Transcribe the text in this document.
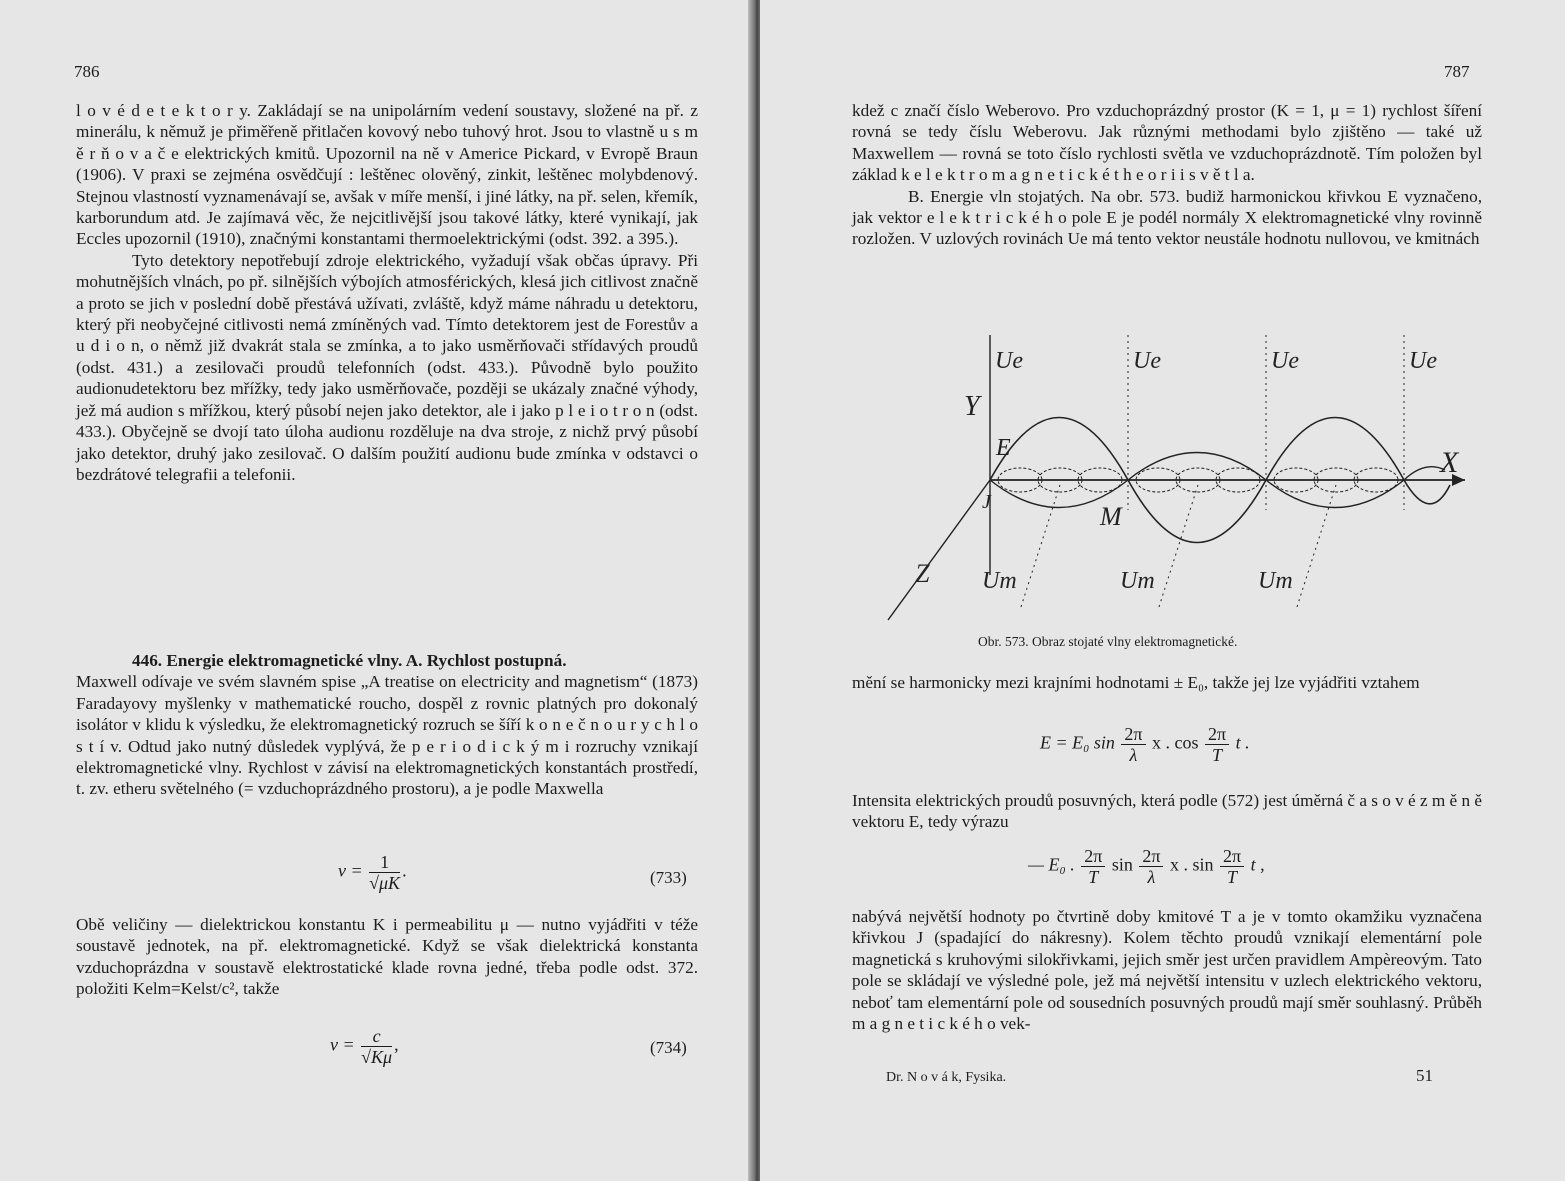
786

l o v é d e t e k t o r y. Zakládají se na unipolárním vedení soustavy, složené na př. z minerálu, k němuž je přiměřeně přitlačen kovový nebo tuhový hrot. Jsou to vlastně u s m ě r ň o v a č e elektrických kmitů. Upozornil na ně v Americe Pickard, v Evropě Braun (1906). V praxi se zejména osvědčují : leštěnec olověný, zinkit, leštěnec molybdenový. Stejnou vlastností vyznamenávají se, avšak v míře menší, i jiné látky, na př. selen, křemík, karborundum atd. Je zajímavá věc, že nejcitlivější jsou takové látky, které vynikají, jak Eccles upozornil (1910), značnými konstantami thermoelektrickými (odst. 392. a 395.).

Tyto detektory nepotřebují zdroje elektrického, vyžadují však občas úpravy. Při mohutnějších vlnách, po př. silnějších výbojích atmosférických, klesá jich citlivost značně a proto se jich v poslední době přestává užívati, zvláště, když máme náhradu u detektoru, který při neobyčejné citlivosti nemá zmíněných vad. Tímto detektorem jest de Forestův a u d i o n, o němž již dvakrát stala se zmínka, a to jako usměrňovači střídavých proudů (odst. 431.) a zesilovači proudů telefonních (odst. 433.). Původně bylo použito audionudetektoru bez mřížky, tedy jako usměrňovače, později se ukázaly značné výhody, jež má audion s mřížkou, který působí nejen jako detektor, ale i jako p l e i o t r o n (odst. 433.). Obyčejně se dvojí tato úloha audionu rozděluje na dva stroje, z nichž prvý působí jako detektor, druhý jako zesilovač. O dalším použití audionu bude zmínka v odstavci o bezdrátové telegrafii a telefonii.

446. Energie elektromagnetické vlny. A. Rychlost postupná.

Maxwell odívaje ve svém slavném spise „A treatise on electricity and magnetism“ (1873) Faradayovy myšlenky v mathematické roucho, dospěl z rovnic platných pro dokonalý isolátor v klidu k výsledku, že elektromagnetický rozruch se šíří k o n e č n o u r y c h l o s t í v. Odtud jako nutný důsledek vyplývá, že p e r i o d i c k ý m i rozruchy vznikají elektromagnetické vlny. Rychlost v závisí na elektromagnetických konstantách prostředí, t. zv. etheru světelného (= vzduchoprázdného prostoru), a je podle Maxwella

$v = \frac{1}{√\mu K}$ .	(733)

Obě veličiny — dielektrickou konstantu K i permeabilitu μ — nutno vyjádřiti v téže soustavě jednotek, na př. elektromagnetické. Když se však dielektrická konstanta vzduchoprázdna v soustavě elektrostatické klade rovna jedné, třeba podle odst. 372. položiti Kelm=Kelst/c², takže

$v = \frac{c}{√K\mu}$ ,	(734)
787

kdež c značí číslo Weberovo. Pro vzduchoprázdný prostor (K = 1, μ = 1) rychlost šíření rovná se tedy číslu Weberovu. Jak různými methodami bylo zjištěno — také už Maxwellem — rovná se toto číslo rychlosti světla ve vzduchoprázdnotě. Tím položen byl základ k e l e k t r o m a g n e t i c k é t h e o r i i s v ě t l a.

B. Energie vln stojatých. Na obr. 573. budiž harmonickou křivkou E vyznačeno, jak vektor e l e k t r i c k é h o pole E je podél normály X elektromagnetické vlny rovinně rozložen. V uzlových rovinách Ue má tento vektor neustále hodnotu nullovou, ve kmitnách

Ue	Ue	Ue	Ue
Y
X
Z
E
J	M
Um	Um	Um
Obr. 573. Obraz stojaté vlny elektromagnetické.

mění se harmonicky mezi krajními hodnotami ± E₀, takže jej lze vyjádřiti vztahem

E = E₀ $\sin \frac{2\pi}{\lambda}$ x . $\cos \frac{2\pi}{T}$ t .

Intensita elektrických proudů posuvných, která podle (572) jest úměrná č a s o v é z m ě n ě vektoru E, tedy výrazu

— E₀ . $\frac{2\pi}{T}$ $\sin \frac{2\pi}{\lambda}$ x . $\sin \frac{2\pi}{T}$ t ,

nabývá největší hodnoty po čtvrtině doby kmitové T a je v tomto okamžiku vyznačena křivkou J (spadající do nákresny). Kolem těchto proudů vznikají elementární pole magnetická s kruhovými silokřivkami, jejich směr jest určen pravidlem Ampèreovým. Tato pole se skládají ve výsledné pole, jež má největší intensitu v uzlech elektrického vektoru, neboť tam elementární pole od sousedních posuvných proudů mají směr souhlasný. Průběh m a g n e t i c k é h o vek-

Dr. N o v á k, Fysika.	51
